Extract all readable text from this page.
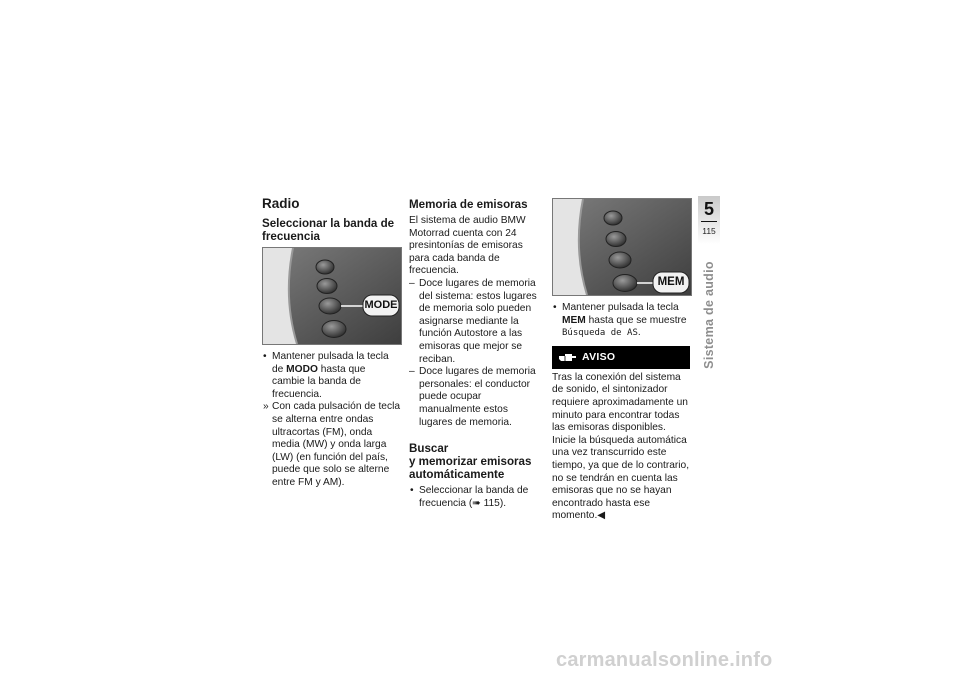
Radio
Seleccionar la banda de frecuencia
MODE
• Mantener pulsada la tecla de MODO hasta que cambie la banda de frecuencia.
» Con cada pulsación de tecla se alterna entre ondas ultracortas (FM), onda media (MW) y onda larga (LW) (en función del país, puede que solo se alterne entre FM y AM).
Memoria de emisoras

El sistema de audio BMW Motorrad cuenta con 24 presintonías de emisoras para cada banda de frecuencia.

– Doce lugares de memoria del sistema: estos lugares de memoria solo pueden asignarse mediante la función Autostore a las emisoras que mejor se reciban.
– Doce lugares de memoria personales: el conductor puede ocupar manualmente estos lugares de memoria.
Buscar
y memorizar emisoras automáticamente
• Seleccionar la banda de frecuencia (➠ 115).
MEM
• Mantener pulsada la tecla MEM hasta que se muestre Búsqueda de AS.
AVISO

Tras la conexión del sistema de sonido, el sintonizador requiere aproximadamente un minuto para encontrar todas las emisoras disponibles. Inicie la búsqueda automática una vez transcurrido este tiempo, ya que de lo contrario, no se tendrán en cuenta las emisoras que no se hayan encontrado hasta ese momento.◀

5
115
Sistema de audio
carmanualsonline.info
